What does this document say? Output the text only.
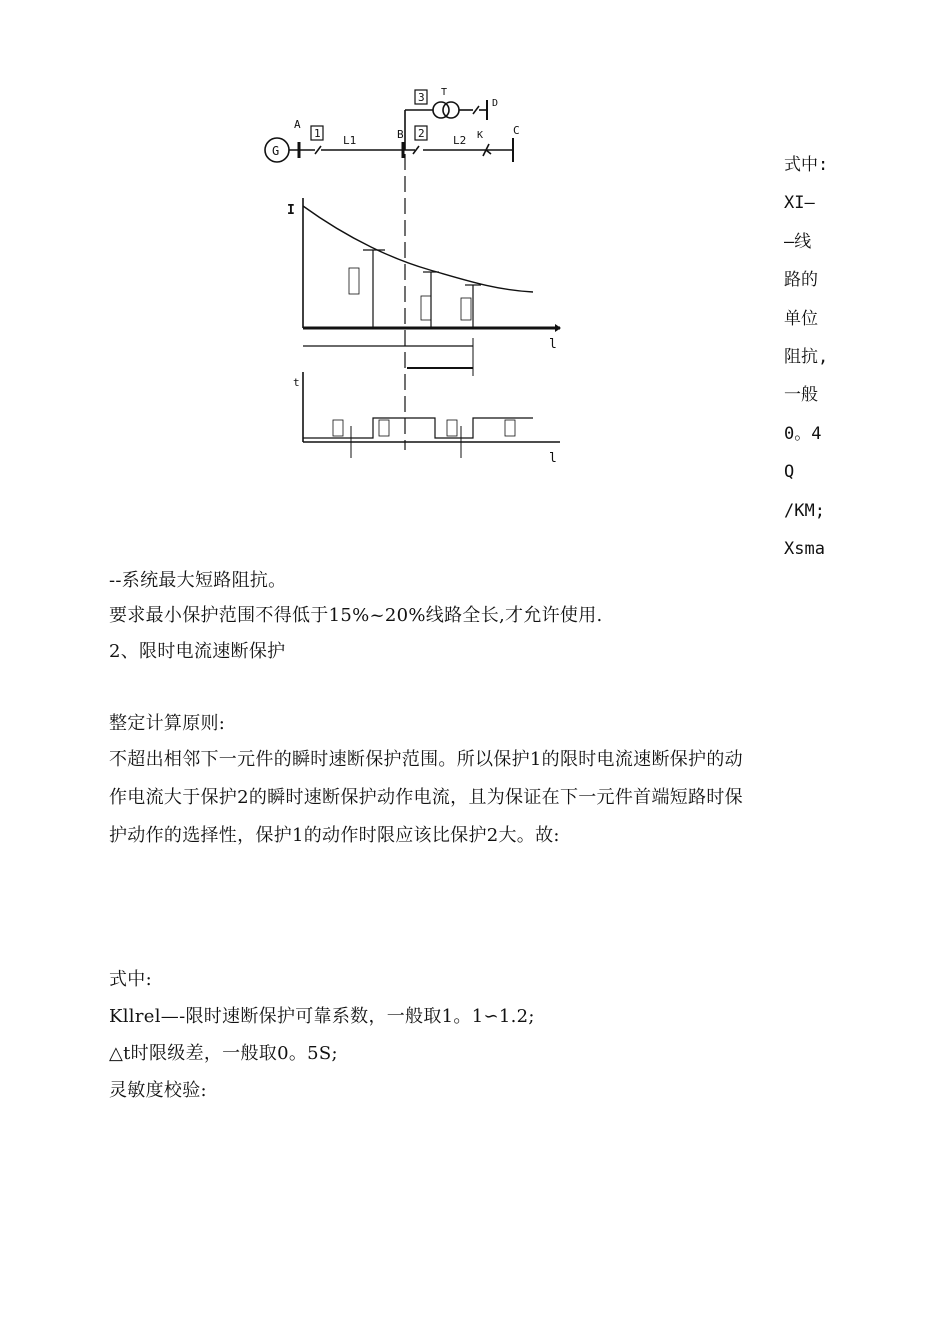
G
A
B	C
1	2
3
L1	L2
T
D
K
I
l
t
l
式中:
XI—
—线
路的
单位
阻抗,
一般
0。4
Q
/KM;
Xsma
--系统最大短路阻抗。
要求最小保护范围不得低于15%~20%线路全长,才允许使用.
2、限时电流速断保护
整定计算原则:
不超出相邻下一元件的瞬时速断保护范围。所以保护1的限时电流速断保护的动
作电流大于保护2的瞬时速断保护动作电流，且为保证在下一元件首端短路时保
护动作的选择性，保护1的动作时限应该比保护2大。故:
式中:
Kllrel—-限时速断保护可靠系数，一般取1。1∽1.2;
△t时限级差，一般取0。5S;
灵敏度校验:
